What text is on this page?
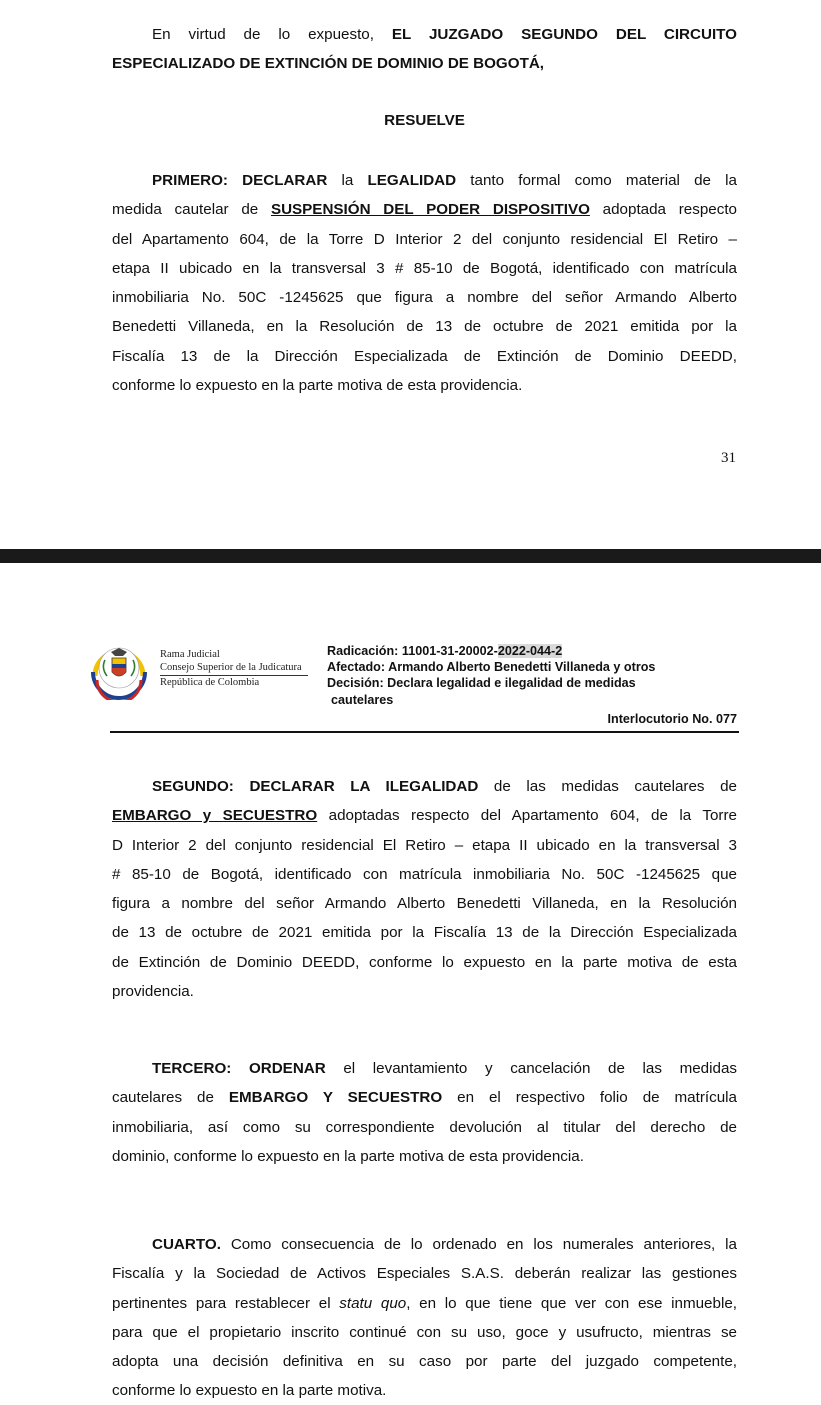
En virtud de lo expuesto, EL JUZGADO SEGUNDO DEL CIRCUITO
ESPECIALIZADO DE EXTINCIÓN DE DOMINIO DE BOGOTÁ,
RESUELVE
PRIMERO: DECLARAR la LEGALIDAD tanto formal como material de la
medida cautelar de SUSPENSIÓN DEL PODER DISPOSITIVO adoptada respecto
del Apartamento 604, de la Torre D Interior 2 del conjunto residencial El Retiro –
etapa II ubicado en la transversal 3 # 85-10 de Bogotá, identificado con matrícula
inmobiliaria No. 50C -1245625 que figura a nombre del señor Armando Alberto
Benedetti Villaneda, en la Resolución de 13 de octubre de 2021 emitida por la
Fiscalía 13 de la Dirección Especializada de Extinción de Dominio DEEDD,
conforme lo expuesto en la parte motiva de esta providencia.
31
Rama Judicial
Consejo Superior de la Judicatura
República de Colombia
Radicación: 11001-31-20002-2022-044-2
Afectado: Armando Alberto Benedetti Villaneda y otros
Decisión: Declara legalidad e ilegalidad de medidas
cautelares
Interlocutorio No. 077
SEGUNDO: DECLARAR LA ILEGALIDAD de las medidas cautelares de
EMBARGO y SECUESTRO adoptadas respecto del Apartamento 604, de la Torre
D Interior 2 del conjunto residencial El Retiro – etapa II ubicado en la transversal 3
# 85-10 de Bogotá, identificado con matrícula inmobiliaria No. 50C -1245625 que
figura a nombre del señor Armando Alberto Benedetti Villaneda, en la Resolución
de 13 de octubre de 2021 emitida por la Fiscalía 13 de la Dirección Especializada
de Extinción de Dominio DEEDD, conforme lo expuesto en la parte motiva de esta
providencia.
TERCERO: ORDENAR el levantamiento y cancelación de las medidas
cautelares de EMBARGO Y SECUESTRO en el respectivo folio de matrícula
inmobiliaria, así como su correspondiente devolución al titular del derecho de
dominio, conforme lo expuesto en la parte motiva de esta providencia.
CUARTO. Como consecuencia de lo ordenado en los numerales anteriores, la
Fiscalía y la Sociedad de Activos Especiales S.A.S. deberán realizar las gestiones
pertinentes para restablecer el statu quo, en lo que tiene que ver con ese inmueble,
para que el propietario inscrito continué con su uso, goce y usufructo, mientras se
adopta una decisión definitiva en su caso por parte del juzgado competente,
conforme lo expuesto en la parte motiva.
